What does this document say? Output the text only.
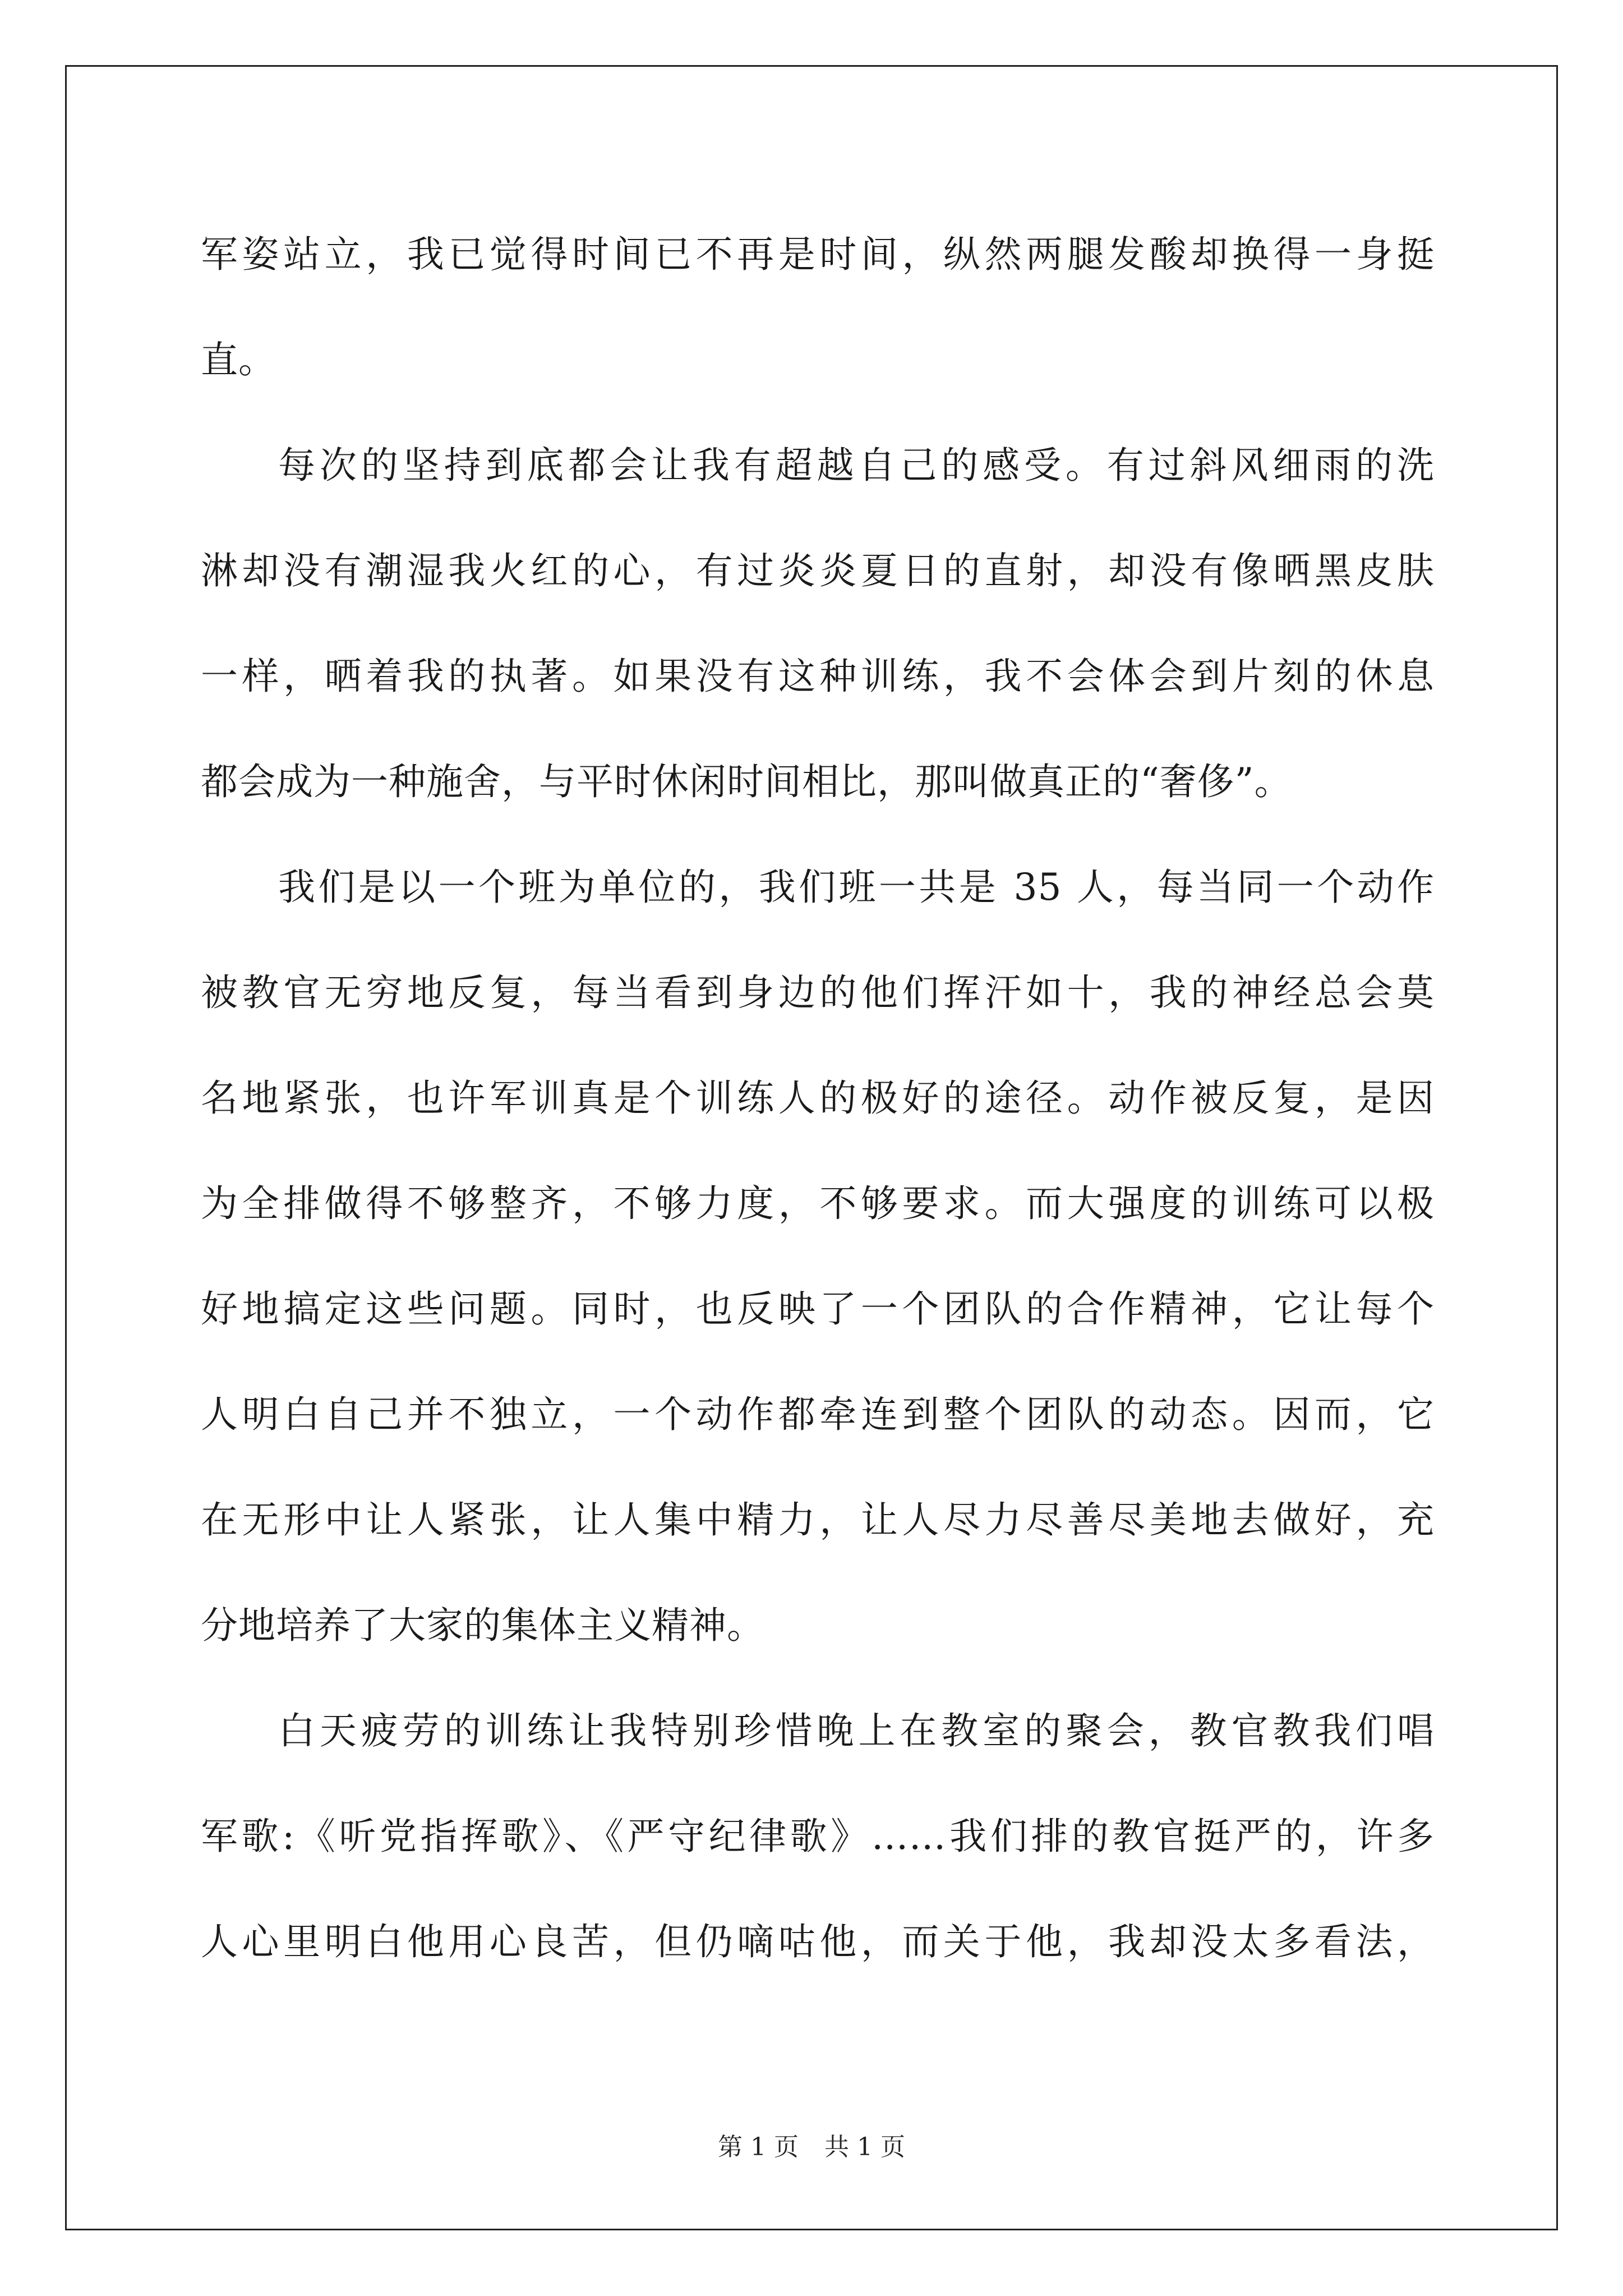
军姿站立，我已觉得时间已不再是时间，纵然两腿发酸却换得一身挺
直。
每次的坚持到底都会让我有超越自己的感受。有过斜风细雨的洗
淋却没有潮湿我火红的心，有过炎炎夏日的直射，却没有像晒黑皮肤
一样，晒着我的执著。如果没有这种训练，我不会体会到片刻的休息
都会成为一种施舍，与平时休闲时间相比，那叫做真正的“奢侈”。
我们是以一个班为单位的，我们班一共是 35 人，每当同一个动作
被教官无穷地反复，每当看到身边的他们挥汗如十，我的神经总会莫
名地紧张，也许军训真是个训练人的极好的途径。动作被反复，是因
为全排做得不够整齐，不够力度，不够要求。而大强度的训练可以极
好地搞定这些问题。同时，也反映了一个团队的合作精神，它让每个
人明白自己并不独立，一个动作都牵连到整个团队的动态。因而，它
在无形中让人紧张，让人集中精力，让人尽力尽善尽美地去做好，充
分地培养了大家的集体主义精神。
白天疲劳的训练让我特别珍惜晚上在教室的聚会，教官教我们唱
军歌:《听党指挥歌》、《严守纪律歌》……我们排的教官挺严的，许多
人心里明白他用心良苦，但仍嘀咕他，而关于他，我却没太多看法，
第 1 页 共 1 页
